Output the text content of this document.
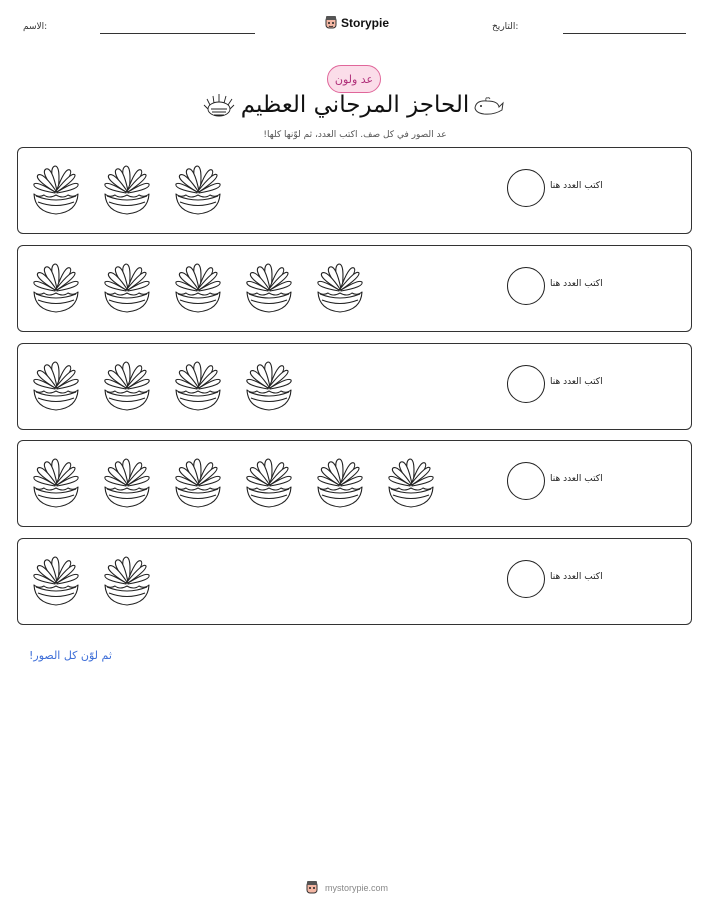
الاسم:	Storypie	التاريخ:
عد ولون
الحاجز المرجاني العظيم
عد الصور في كل صف. اكتب العدد، ثم لوّنها كلها!
اكتب العدد هنا
اكتب العدد هنا
اكتب العدد هنا
اكتب العدد هنا
اكتب العدد هنا
ثم لوّن كل الصور!
mystorypie.com
